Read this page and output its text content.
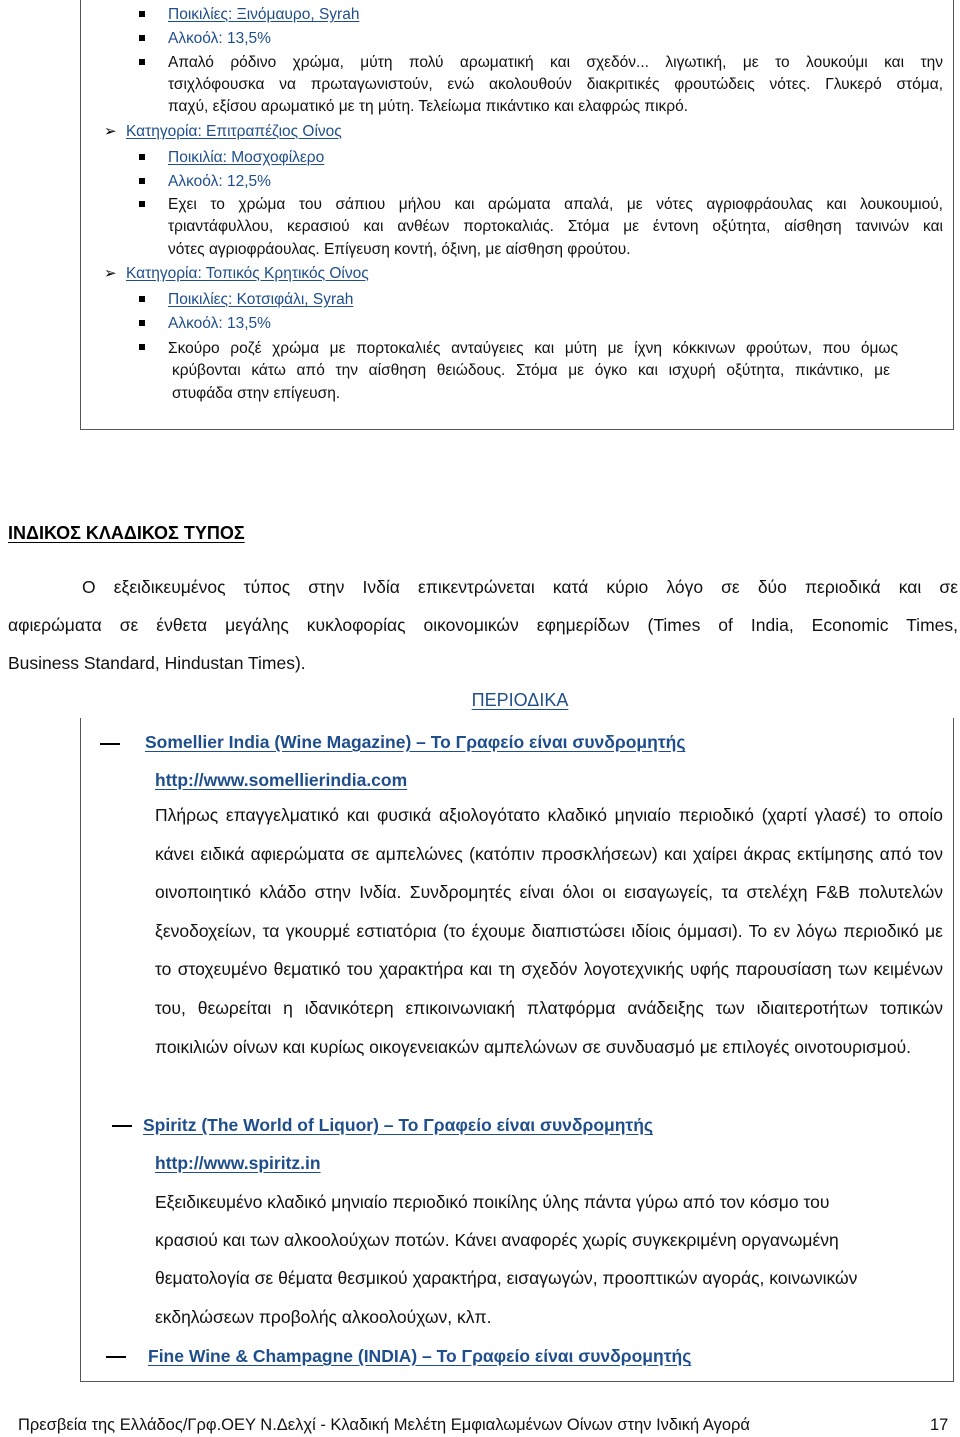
Ποικιλίες: Ξινόμαυρο, Syrah
Αλκοόλ: 13,5%
Απαλό ρόδινο χρώμα, μύτη πολύ αρωματική και σχεδόν... λιγωτική, με το λουκούμι και την
τσιχλόφουσκα να πρωταγωνιστούν, ενώ ακολουθούν διακριτικές φρουτώδεις νότες. Γλυκερό στόμα,
παχύ, εξίσου αρωματικό με τη μύτη. Τελείωμα πικάντικο και ελαφρώς πικρό.
➢ Κατηγορία: Επιτραπέζιος Οίνος
Ποικιλία: Μοσχοφίλερο
Αλκοόλ: 12,5%
Εχει το χρώμα του σάπιου μήλου και αρώματα απαλά, με νότες αγριοφράουλας και λουκουμιού,
τριαντάφυλλου, κερασιού και ανθέων πορτοκαλιάς. Στόμα με έντονη οξύτητα, αίσθηση τανινών και
νότες αγριοφράουλας. Επίγευση κοντή, όξινη, με αίσθηση φρούτου.
➢ Κατηγορία: Τοπικός Κρητικός Οίνος
Ποικιλίες: Κοτσιφάλι, Syrah
Αλκοόλ: 13,5%
Σκούρο ροζέ χρώμα με πορτοκαλιές ανταύγειες και μύτη με ίχνη κόκκινων φρούτων, που όμως
κρύβονται κάτω από την αίσθηση θειώδους. Στόμα με όγκο και ισχυρή οξύτητα, πικάντικο, με
στυφάδα στην επίγευση.
ΙΝΔΙΚΟΣ ΚΛΑΔΙΚΟΣ ΤΥΠΟΣ
Ο εξειδικευμένος τύπος στην Ινδία επικεντρώνεται κατά κύριο λόγο σε δύο περιοδικά και σε
αφιερώματα σε ένθετα μεγάλης κυκλοφορίας οικονομικών εφημερίδων (Times of India, Economic Times,
Business Standard, Hindustan Times).
ΠΕΡΙΟΔΙΚΑ
Somellier India (Wine Magazine) – Το Γραφείο είναι συνδρομητής
http://www.somellierindia.com
Πλήρως επαγγελματικό και φυσικά αξιολογότατο κλαδικό μηνιαίο περιοδικό (χαρτί γλασέ) το οποίο κάνει ειδικά αφιερώματα σε αμπελώνες (κατόπιν προσκλήσεων) και χαίρει άκρας εκτίμησης από τον οινοποιητικό κλάδο στην Ινδία. Συνδρομητές είναι όλοι οι εισαγωγείς, τα στελέχη F&B πολυτελών ξενοδοχείων, τα γκουρμέ εστιατόρια (το έχουμε διαπιστώσει ιδίοις όμμασι). Το εν λόγω περιοδικό με το στοχευμένο θεματικό του χαρακτήρα και τη σχεδόν λογοτεχνικής υφής παρουσίαση των κειμένων του, θεωρείται η ιδανικότερη επικοινωνιακή πλατφόρμα ανάδειξης των ιδιαιτεροτήτων τοπικών ποικιλιών οίνων και κυρίως οικογενειακών αμπελώνων σε συνδυασμό με επιλογές οινοτουρισμού.
Spiritz (The World of Liquor) – Το Γραφείο είναι συνδρομητής
http://www.spiritz.in
Εξειδικευμένο κλαδικό μηνιαίο περιοδικό ποικίλης ύλης πάντα γύρω από τον κόσμο του
κρασιού και των αλκοολούχων ποτών. Κάνει αναφορές χωρίς συγκεκριμένη οργανωμένη
θεματολογία σε θέματα θεσμικού χαρακτήρα, εισαγωγών, προοπτικών αγοράς, κοινωνικών
εκδηλώσεων προβολής αλκοολούχων, κλπ.
Fine Wine & Champagne (INDIA) – Το Γραφείο είναι συνδρομητής
Πρεσβεία της Ελλάδος/Γρφ.ΟΕΥ Ν.Δελχί - Κλαδική Μελέτη Εμφιαλωμένων Οίνων στην Ινδική Αγορά	17
